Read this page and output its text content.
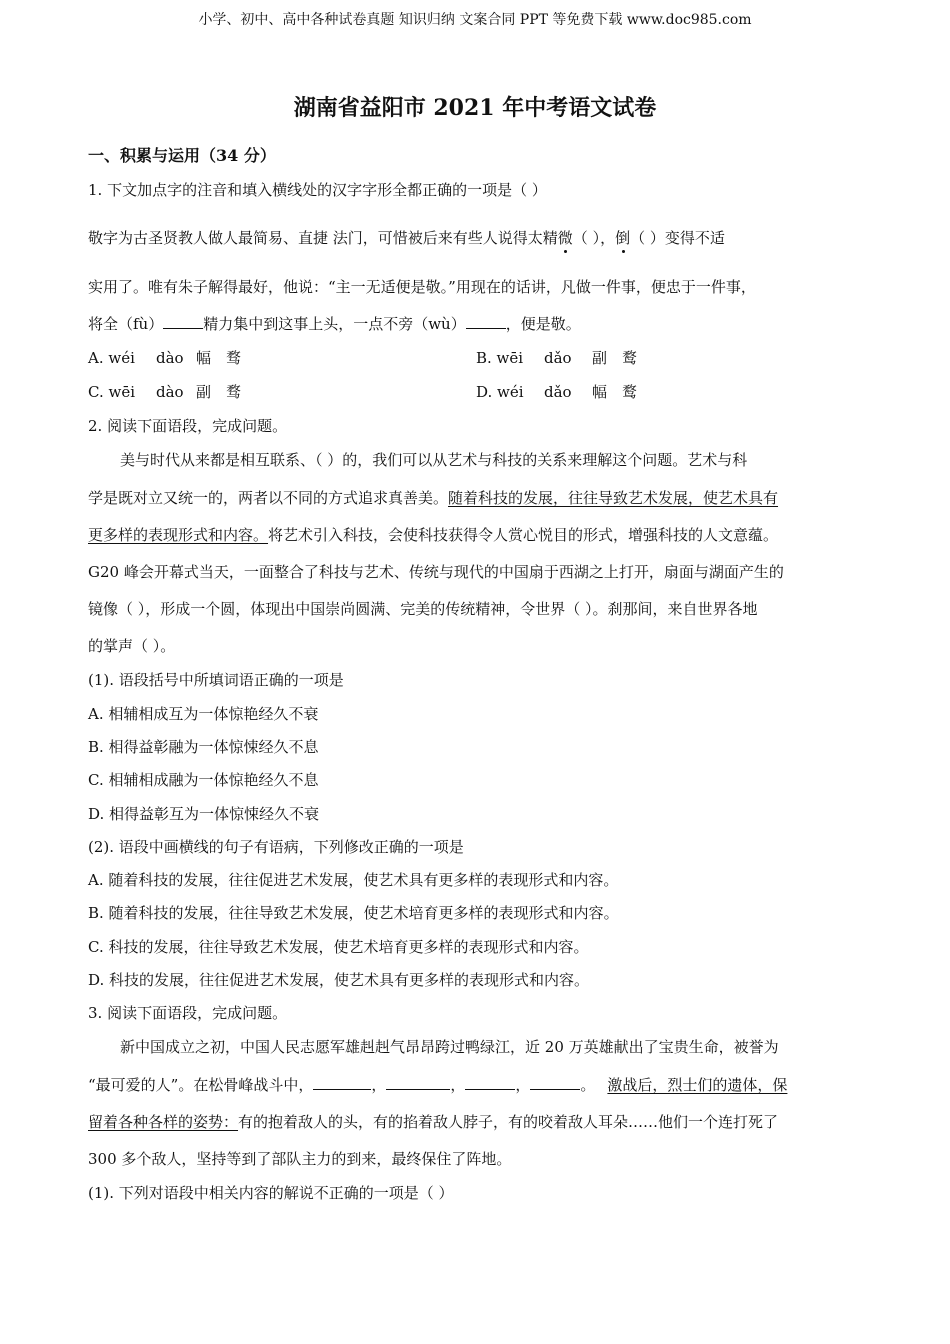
小学、初中、高中各种试卷真题 知识归纳 文案合同 PPT 等免费下载 www.doc985.com
湖南省益阳市 2021 年中考语文试卷
一、积累与运用（34 分）
1. 下文加点字的注音和填入横线处的汉字字形全都正确的一项是（ ）
敬字为古圣贤教人做人最简易、直捷 法门，可惜被后来有些人说得太精微（ ），倒（ ）变得不适
实用了。唯有朱子解得最好，他说：“主一无适便是敬。”用现在的话讲，凡做一件事，便忠于一件事，
将全（fù）	精力集中到这事上头，一点不旁（wù）	，便是敬。
A. wéi dào 幅 骛	B. wēi dǎo 副 鹜
C. wēi dào 副 骛	D. wéi dǎo 幅 鹜
2. 阅读下面语段，完成问题。
美与时代从来都是相互联系、（ ）的，我们可以从艺术与科技的关系来理解这个问题。艺术与科
学是既对立又统一的，两者以不同的方式追求真善美。随着科技的发展，往往导致艺术发展，使艺术具有
更多样的表现形式和内容。将艺术引入科技，会使科技获得令人赏心悦目的形式，增强科技的人文意蕴。
G20 峰会开幕式当天，一面整合了科技与艺术、传统与现代的中国扇于西湖之上打开，扇面与湖面产生的
镜像（ ），形成一个圆，体现出中国崇尚圆满、完美的传统精神，令世界（ ）。刹那间，来自世界各地
的掌声（ ）。
(1). 语段括号中所填词语正确的一项是
A. 相辅相成互为一体惊艳经久不衰
B. 相得益彰融为一体惊悚经久不息
C. 相辅相成融为一体惊艳经久不息
D. 相得益彰互为一体惊悚经久不衰
(2). 语段中画横线的句子有语病，下列修改正确的一项是
A. 随着科技的发展，往往促进艺术发展，使艺术具有更多样的表现形式和内容。
B. 随着科技的发展，往往导致艺术发展，使艺术培育更多样的表现形式和内容。
C. 科技的发展，往往导致艺术发展，使艺术培育更多样的表现形式和内容。
D. 科技的发展，往往促进艺术发展，使艺术具有更多样的表现形式和内容。
3. 阅读下面语段，完成问题。
新中国成立之初，中国人民志愿军雄赳赳气昂昂跨过鸭绿江，近 20 万英雄献出了宝贵生命，被誉为
“最可爱的人”。在松骨峰战斗中，	，	，	，	。 激战后，烈士们的遗体，保
留着各种各样的姿势：有的抱着敌人的头，有的掐着敌人脖子，有的咬着敌人耳朵……他们一个连打死了
300 多个敌人，坚持等到了部队主力的到来，最终保住了阵地。
(1). 下列对语段中相关内容的解说不正确的一项是（ ）
